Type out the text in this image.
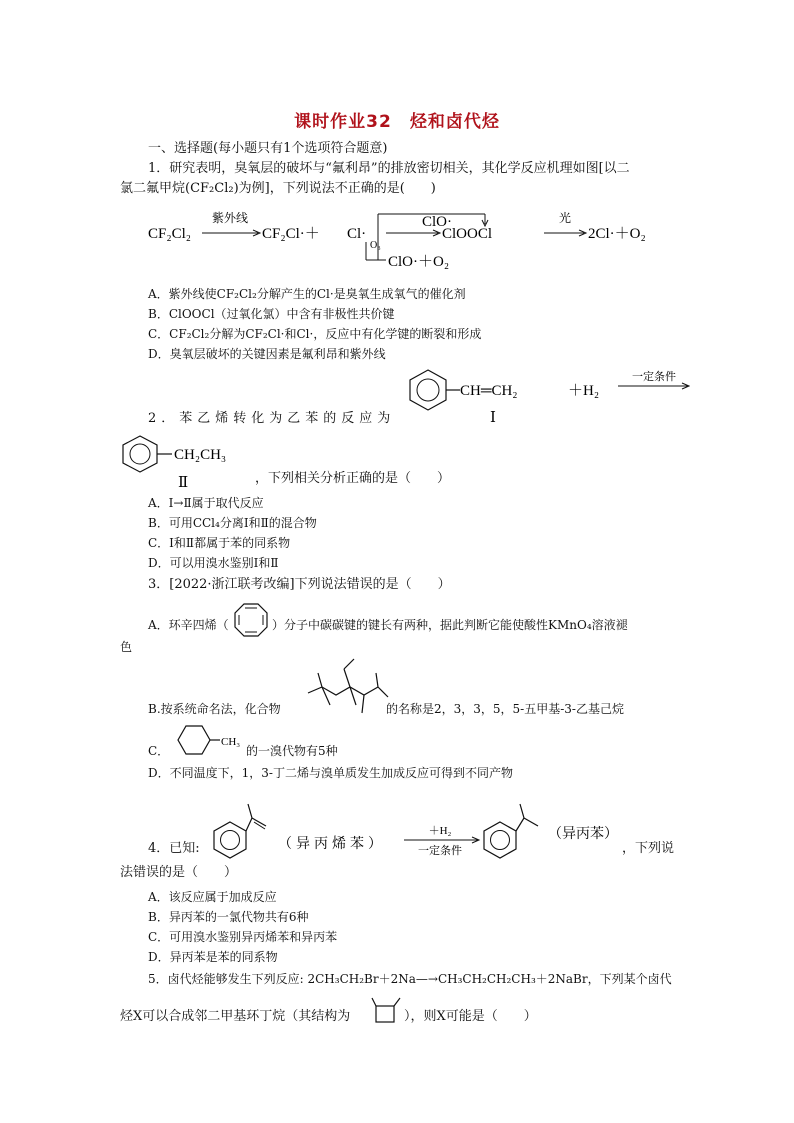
课时作业32　烃和卤代烃
一、选择题(每小题只有1个选项符合题意)
1．研究表明，臭氧层的破坏与“氟利昂”的排放密切相关，其化学反应机理如图[以二
氯二氟甲烷(CF₂Cl₂)为例]，下列说法不正确的是(　　)
CF₂Cl₂
紫外线
CF₂Cl·＋ Cl·
O₃
ClO·＋O₂
ClO·
ClOOCl
光
2Cl·＋O₂
A．紫外线使CF₂Cl₂分解产生的Cl·是臭氧生成氧气的催化剂
B．ClOOCl（过氧化氯）中含有非极性共价键
C．CF₂Cl₂分解为CF₂Cl·和Cl·，反应中有化学键的断裂和形成
D．臭氧层破坏的关键因素是氟利昂和紫外线
CH═CH₂
Ⅰ
＋H₂
一定条件
2．苯乙烯转化为乙苯的反应为
CH₂CH₃
Ⅱ	，下列相关分析正确的是（　　）
A．Ⅰ→Ⅱ属于取代反应
B．可用CCl₄分离Ⅰ和Ⅱ的混合物
C．Ⅰ和Ⅱ都属于苯的同系物
D．可以用溴水鉴别Ⅰ和Ⅱ
3．[2022·浙江联考改编]下列说法错误的是（　　）
A．环辛四烯（	）分子中碳碳键的键长有两种，据此判断它能使酸性KMnO₄溶液褪
色
B.按系统命名法，化合物	的名称是2，3，3，5，5-五甲基-3-乙基己烷
C．
CH₃
的一溴代物有5种
D．不同温度下，1，3-丁二烯与溴单质发生加成反应可得到不同产物
4．已知:	（异丙烯苯）
＋H₂
一定条件
（异丙苯）
，下列说
法错误的是（　　）
A．该反应属于加成反应
B．异丙苯的一氯代物共有6种
C．可用溴水鉴别异丙烯苯和异丙苯
D．异丙苯是苯的同系物
5．卤代烃能够发生下列反应: 2CH₃CH₂Br＋2Na—→CH₃CH₂CH₂CH₃＋2NaBr，下列某个卤代
烃X可以合成邻二甲基环丁烷（其结构为	），则X可能是（　　）
